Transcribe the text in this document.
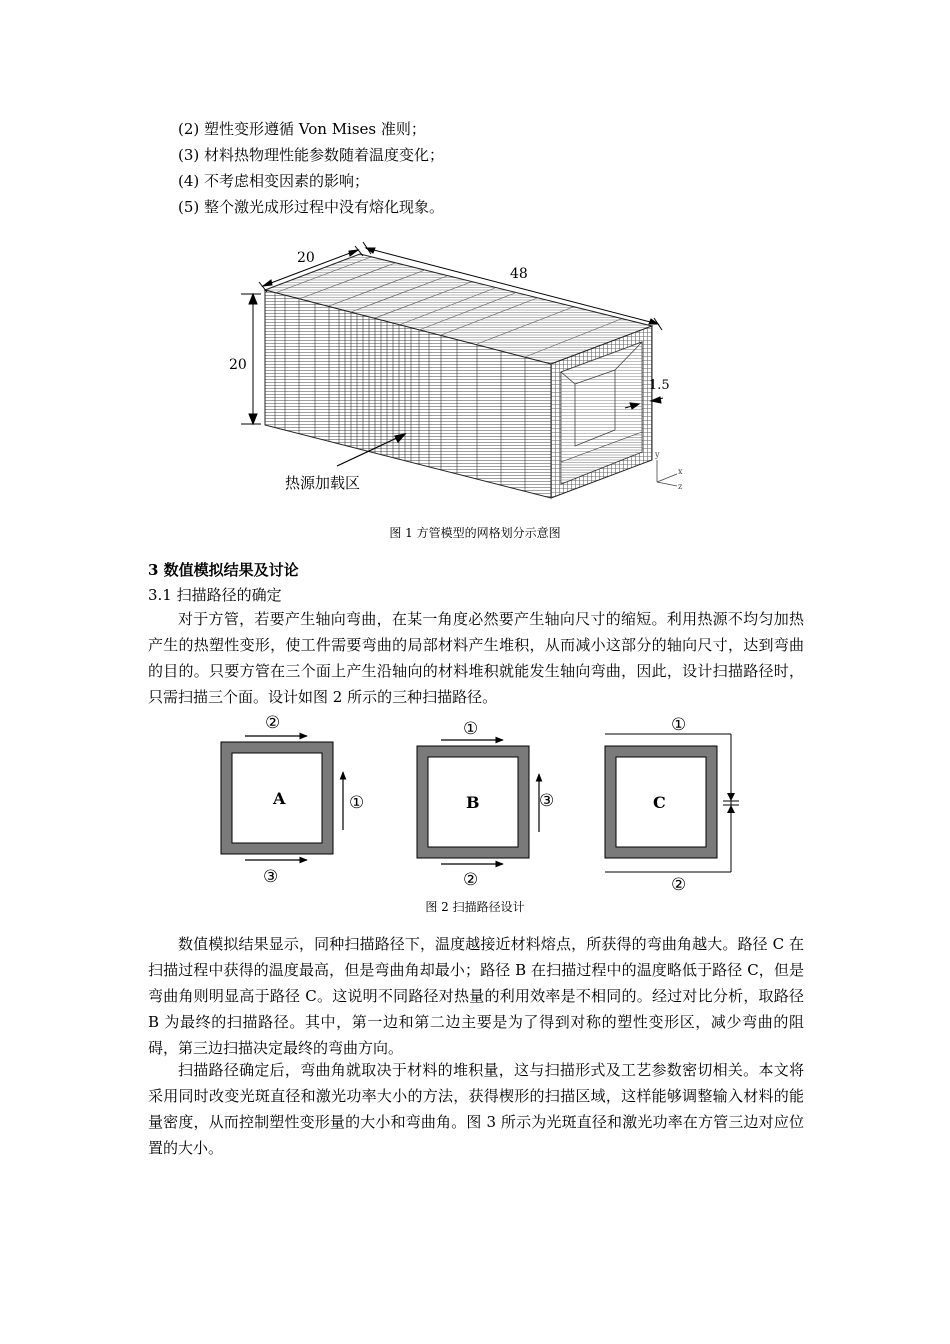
(2) 塑性变形遵循 Von Mises 准则；
(3) 材料热物理性能参数随着温度变化；
(4) 不考虑相变因素的影响；
(5) 整个激光成形过程中没有熔化现象。
20
48
20
1.5
热源加载区
y
x
z
图 1 方管模型的网格划分示意图
3 数值模拟结果及讨论
3.1 扫描路径的确定

对于方管，若要产生轴向弯曲，在某一角度必然要产生轴向尺寸的缩短。利用热源不均匀加热产生的热塑性变形，使工件需要弯曲的局部材料产生堆积，从而减小这部分的轴向尺寸，达到弯曲的目的。只要方管在三个面上产生沿轴向的材料堆积就能发生轴向弯曲，因此，设计扫描路径时，只需扫描三个面。设计如图 2 所示的三种扫描路径。

A
②
①
③
B
①
③
②
C
①
②
图 2 扫描路径设计

数值模拟结果显示，同种扫描路径下，温度越接近材料熔点，所获得的弯曲角越大。路径 C 在扫描过程中获得的温度最高，但是弯曲角却最小；路径 B 在扫描过程中的温度略低于路径 C，但是弯曲角则明显高于路径 C。这说明不同路径对热量的利用效率是不相同的。经过对比分析，取路径 B 为最终的扫描路径。其中，第一边和第二边主要是为了得到对称的塑性变形区，减少弯曲的阻碍，第三边扫描决定最终的弯曲方向。

扫描路径确定后，弯曲角就取决于材料的堆积量，这与扫描形式及工艺参数密切相关。本文将采用同时改变光斑直径和激光功率大小的方法，获得楔形的扫描区域，这样能够调整输入材料的能量密度，从而控制塑性变形量的大小和弯曲角。图 3 所示为光斑直径和激光功率在方管三边对应位置的大小。
